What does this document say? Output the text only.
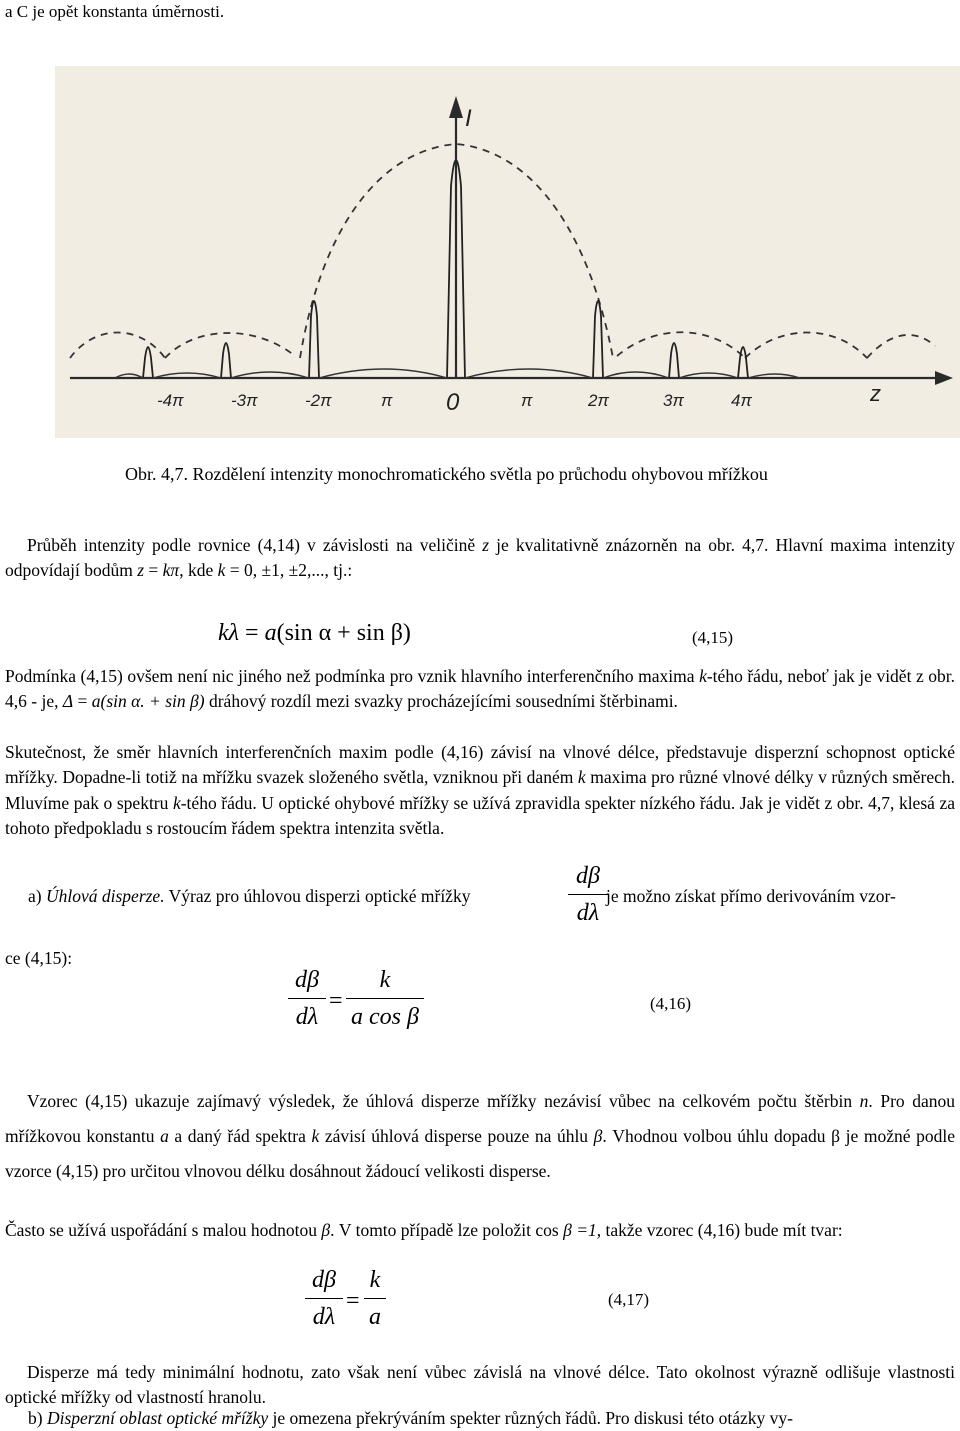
a C je opět konstanta úměrnosti.
I
z
-4π	-3π	-2π	π 0	π	2π	3π	4π
Obr. 4,7. Rozdělení intenzity monochromatického světla po průchodu ohybovou mřížkou
Průběh intenzity podle rovnice (4,14) v závislosti na veličině z je kvalitativně znázorněn na obr. 4,7. Hlavní maxima intenzity odpovídají bodům z = kπ, kde k = 0, ±1, ±2,..., tj.:
kλ = a(sin α + sin β)	(4,15)
Podmínka (4,15) ovšem není nic jiného než podmínka pro vznik hlavního interferenčního maxima k-tého řádu, neboť jak je vidět z obr. 4,6 - je, Δ = a(sin α. + sin β) dráhový rozdíl mezi svazky procházejícími sousedními štěrbinami.
Skutečnost, že směr hlavních interferenčních maxim podle (4,16) závisí na vlnové délce, představuje disperzní schopnost optické mřížky. Dopadne-li totiž na mřížku svazek složeného světla, vzniknou při daném k maxima pro různé vlnové délky v různých směrech. Mluvíme pak o spektru k-tého řádu. U optické ohybové mřížky se užívá zpravidla spekter nízkého řádu. Jak je vidět z obr. 4,7, klesá za tohoto předpokladu s rostoucím řádem spektra intenzita světla.
a) Úhlová disperze. Výraz pro úhlovou disperzi optické mřížky
dβ
dλ
je možno získat přímo derivováním vzor-
ce (4,15):
dβ
dλ
=
k
a cos β
(4,16)
Vzorec (4,15) ukazuje zajímavý výsledek, že úhlová disperze mřížky nezávisí vůbec na celkovém počtu štěrbin n. Pro danou mřížkovou konstantu a a daný řád spektra k závisí úhlová disperse pouze na úhlu β. Vhodnou volbou úhlu dopadu β je možné podle vzorce (4,15) pro určitou vlnovou délku dosáhnout žádoucí velikosti disperse.
Často se užívá uspořádání s malou hodnotou β. V tomto případě lze položit cos β =1, takže vzorec (4,16) bude mít tvar:
dβ
dλ
=
k
a
(4,17)
Disperze má tedy minimální hodnotu, zato však není vůbec závislá na vlnové délce. Tato okolnost výrazně odlišuje vlastnosti optické mřížky od vlastností hranolu.
b) Disperzní oblast optické mřížky je omezena překrýváním spekter různých řádů. Pro diskusi této otázky vy-
